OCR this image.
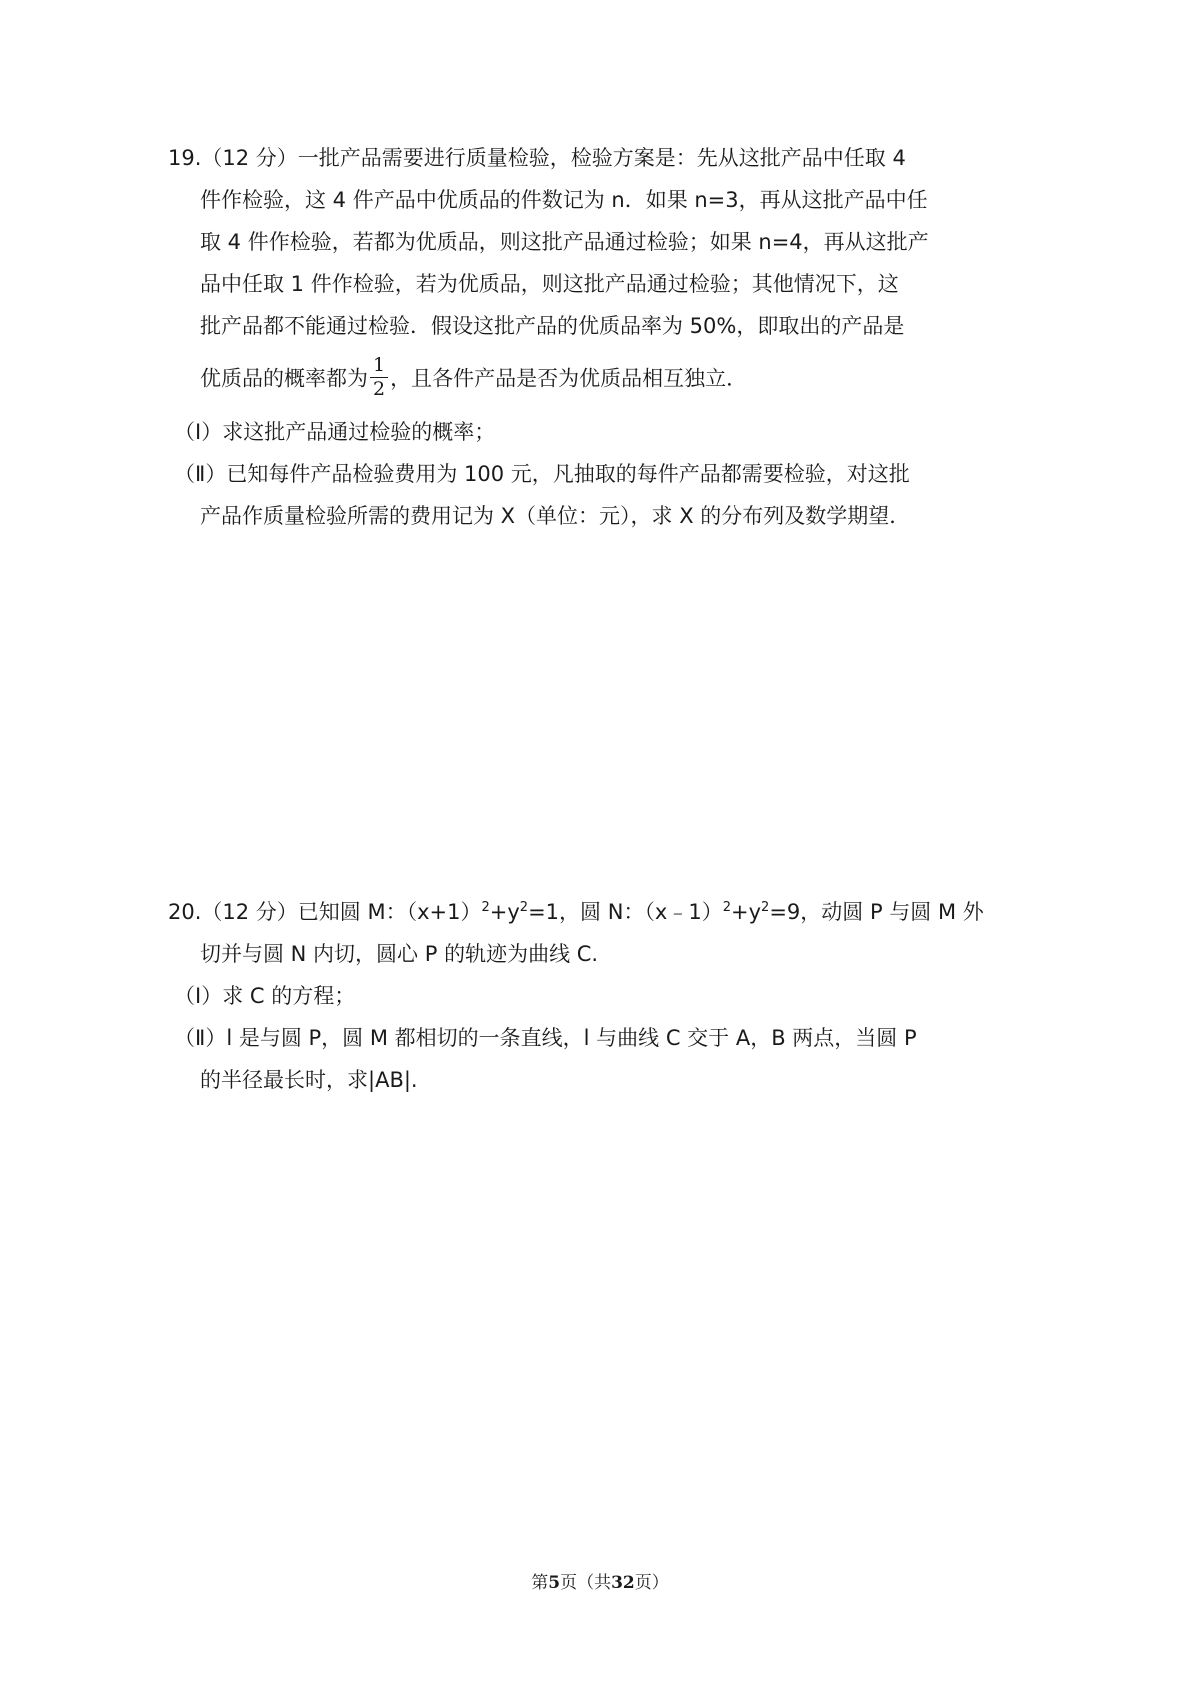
19.（12 分）一批产品需要进行质量检验，检验方案是：先从这批产品中任取 4
件作检验，这 4 件产品中优质品的件数记为 n．如果 n=3，再从这批产品中任
取 4 件作检验，若都为优质品，则这批产品通过检验；如果 n=4，再从这批产
品中任取 1 件作检验，若为优质品，则这批产品通过检验；其他情况下，这
批产品都不能通过检验．假设这批产品的优质品率为 50%，即取出的产品是
优质品的概率都为 $\frac{1}{2}$ ，且各件产品是否为优质品相互独立．
（Ⅰ）求这批产品通过检验的概率；
（Ⅱ）已知每件产品检验费用为 100 元，凡抽取的每件产品都需要检验，对这批
产品作质量检验所需的费用记为 X（单位：元），求 X 的分布列及数学期望．
20.（12 分）已知圆 M：$(x+1)^2+y^2=1$，圆 N：$(x﹣1)^2+y^2=9$，动圆 P 与圆 M 外
切并与圆 N 内切，圆心 P 的轨迹为曲线 C.
（Ⅰ）求 C 的方程；
（Ⅱ）l 是与圆 P，圆 M 都相切的一条直线，l 与曲线 C 交于 A，B 两点，当圆 P
的半径最长时，求|AB|.
第5页（共32页）
